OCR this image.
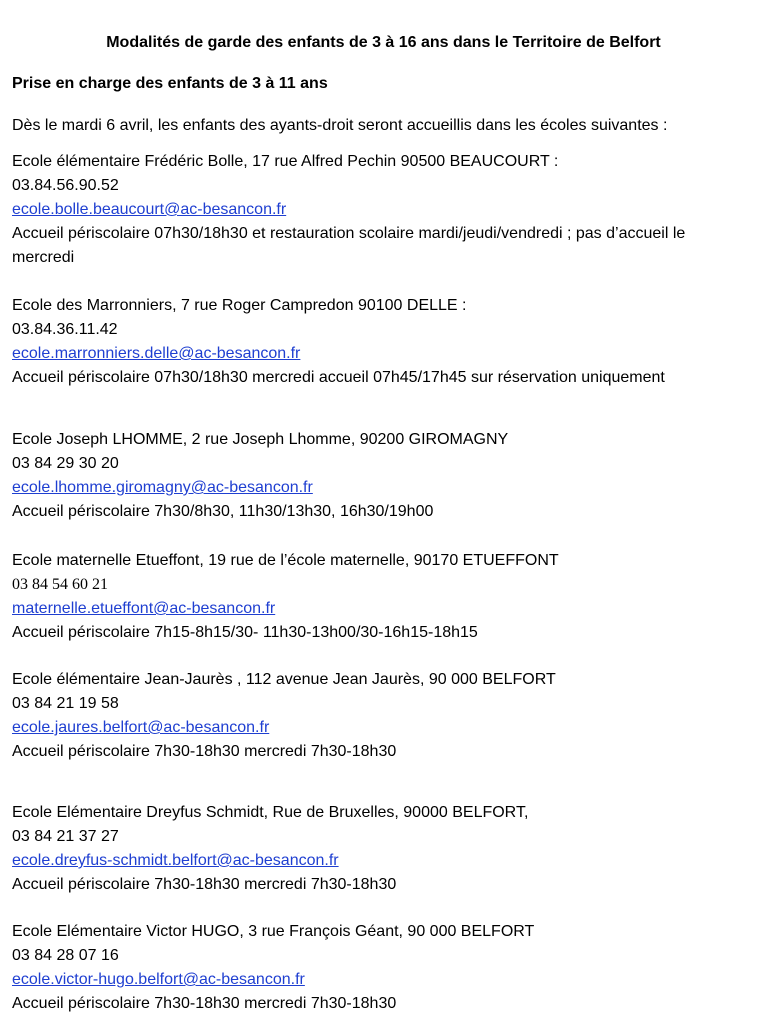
Modalités de garde des enfants de 3 à 16 ans dans le Territoire de Belfort
Prise en charge des enfants de 3 à 11 ans
Dès le mardi 6 avril, les enfants des ayants-droit seront accueillis dans les écoles suivantes :
Ecole élémentaire Frédéric Bolle, 17 rue Alfred Pechin 90500 BEAUCOURT :
03.84.56.90.52
ecole.bolle.beaucourt@ac-besancon.fr
Accueil périscolaire 07h30/18h30 et restauration scolaire mardi/jeudi/vendredi ; pas d’accueil le mercredi
Ecole des Marronniers, 7 rue Roger Campredon 90100 DELLE :
03.84.36.11.42
ecole.marronniers.delle@ac-besancon.fr
Accueil périscolaire 07h30/18h30 mercredi accueil 07h45/17h45 sur réservation uniquement
Ecole Joseph LHOMME, 2 rue Joseph Lhomme, 90200 GIROMAGNY
03 84 29 30 20
ecole.lhomme.giromagny@ac-besancon.fr
Accueil périscolaire 7h30/8h30, 11h30/13h30, 16h30/19h00
Ecole maternelle Etueffont, 19 rue de l’école maternelle, 90170 ETUEFFONT
03 84 54 60 21
maternelle.etueffont@ac-besancon.fr
Accueil périscolaire 7h15-8h15/30- 11h30-13h00/30-16h15-18h15
Ecole élémentaire Jean-Jaurès , 112 avenue Jean Jaurès, 90 000 BELFORT
03 84 21 19 58
ecole.jaures.belfort@ac-besancon.fr
Accueil périscolaire 7h30-18h30 mercredi 7h30-18h30
Ecole Elémentaire Dreyfus Schmidt, Rue de Bruxelles, 90000 BELFORT,
03 84 21 37 27
ecole.dreyfus-schmidt.belfort@ac-besancon.fr
Accueil périscolaire 7h30-18h30 mercredi 7h30-18h30
Ecole Elémentaire Victor HUGO, 3 rue François Géant, 90 000 BELFORT
03 84 28 07 16
ecole.victor-hugo.belfort@ac-besancon.fr
Accueil périscolaire 7h30-18h30 mercredi 7h30-18h30
